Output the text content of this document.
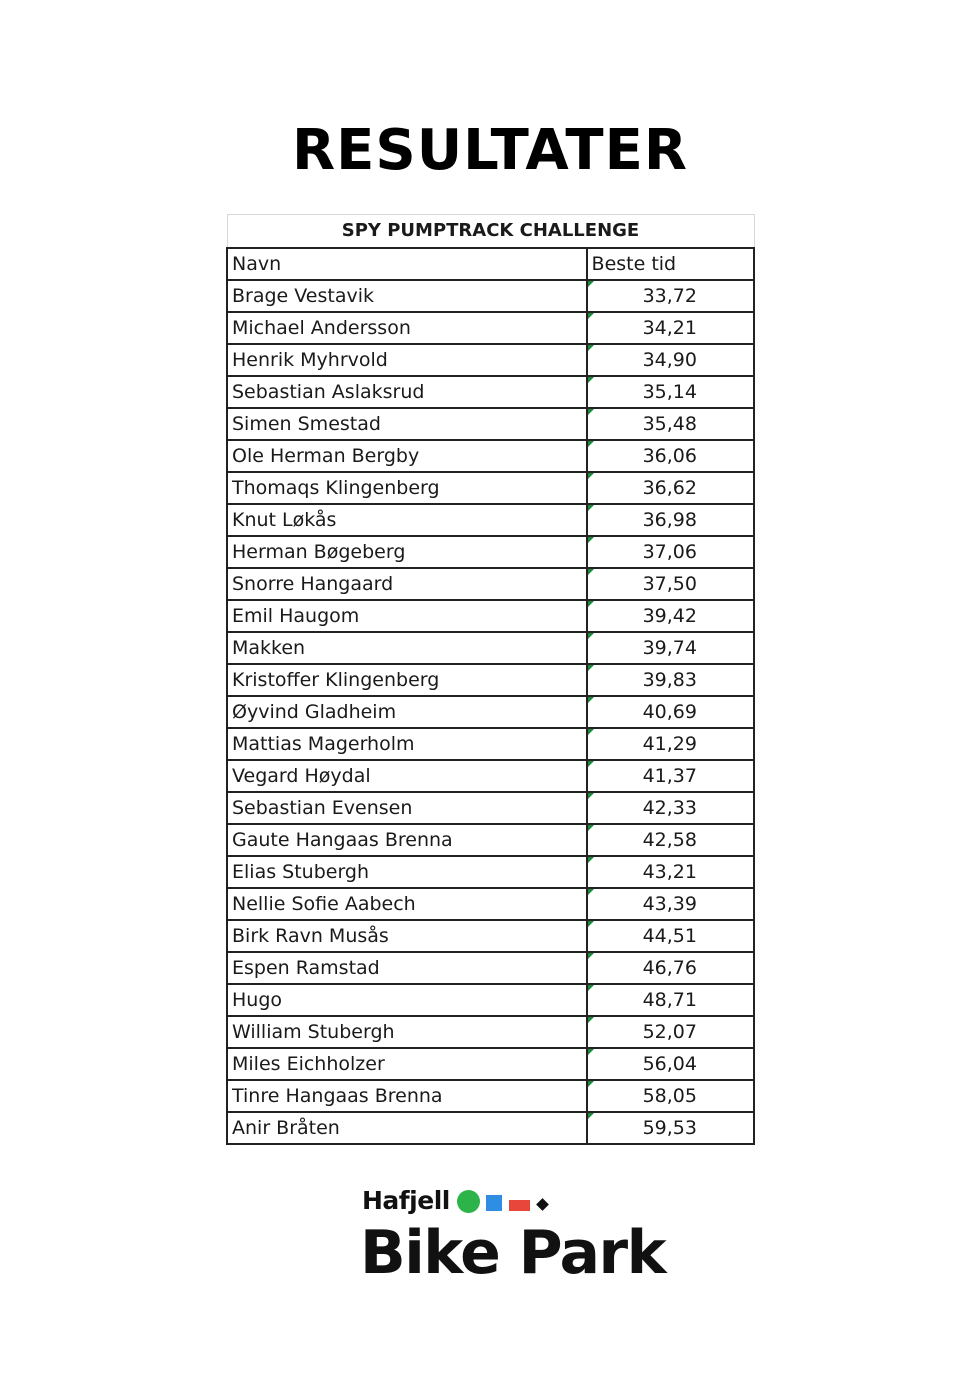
RESULTATER
SPY PUMPTRACK CHALLENGE	
Navn	Beste tid
Brage Vestavik	33,72
Michael Andersson	34,21
Henrik Myhrvold	34,90
Sebastian Aslaksrud	35,14
Simen Smestad	35,48
Ole Herman Bergby	36,06
Thomaqs Klingenberg	36,62
Knut Løkås	36,98
Herman Bøgeberg	37,06
Snorre Hangaard	37,50
Emil Haugom	39,42
Makken	39,74
Kristoffer Klingenberg	39,83
Øyvind Gladheim	40,69
Mattias Magerholm	41,29
Vegard Høydal	41,37
Sebastian Evensen	42,33
Gaute Hangaas Brenna	42,58
Elias Stubergh	43,21
Nellie Sofie Aabech	43,39
Birk Ravn Musås	44,51
Espen Ramstad	46,76
Hugo	48,71
William Stubergh	52,07
Miles Eichholzer	56,04
Tinre Hangaas Brenna	58,05
Anir Bråten	59,53
Hafjell
Bike Park
